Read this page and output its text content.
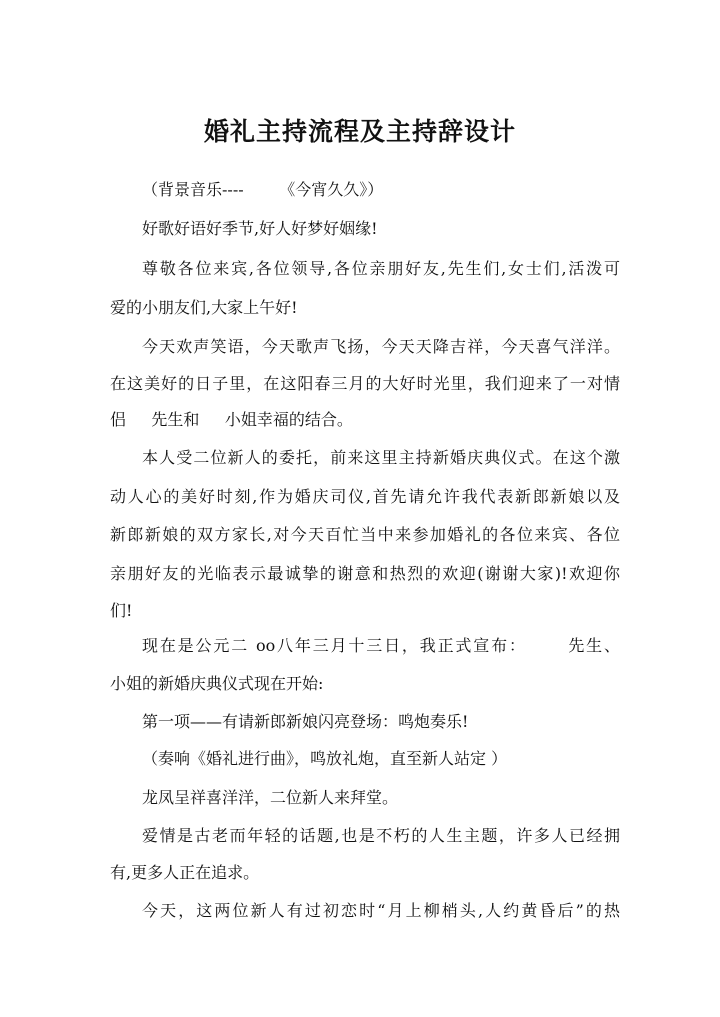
婚礼主持流程及主持辞设计

（背景音乐----       《今宵久久》）

好歌好语好季节,好人好梦好姻缘!

尊敬各位来宾,各位领导,各位亲朋好友,先生们,女士们,活泼可

爱的小朋友们,大家上午好!

今天欢声笑语，今天歌声飞扬，今天天降吉祥，今天喜气洋洋。

在这美好的日子里，在这阳春三月的大好时光里，我们迎来了一对情

侣     先生和     小姐幸福的结合。

本人受二位新人的委托，前来这里主持新婚庆典仪式。在这个激

动人心的美好时刻,作为婚庆司仪,首先请允许我代表新郎新娘以及

新郎新娘的双方家长,对今天百忙当中来参加婚礼的各位来宾、各位

亲朋好友的光临表示最诚挚的谢意和热烈的欢迎(谢谢大家)!欢迎你

们!

现在是公元二 oo八年三月十三日，我正式宣布：      先生、

小姐的新婚庆典仪式现在开始:

第一项——有请新郎新娘闪亮登场：鸣炮奏乐!

（奏响《婚礼进行曲》，鸣放礼炮，直至新人站定 ）

龙凤呈祥喜洋洋，二位新人来拜堂。

爱情是古老而年轻的话题,也是不朽的人生主题，许多人已经拥

有,更多人正在追求。

今天，这两位新人有过初恋时“月上柳梢头,人约黄昏后”的热
